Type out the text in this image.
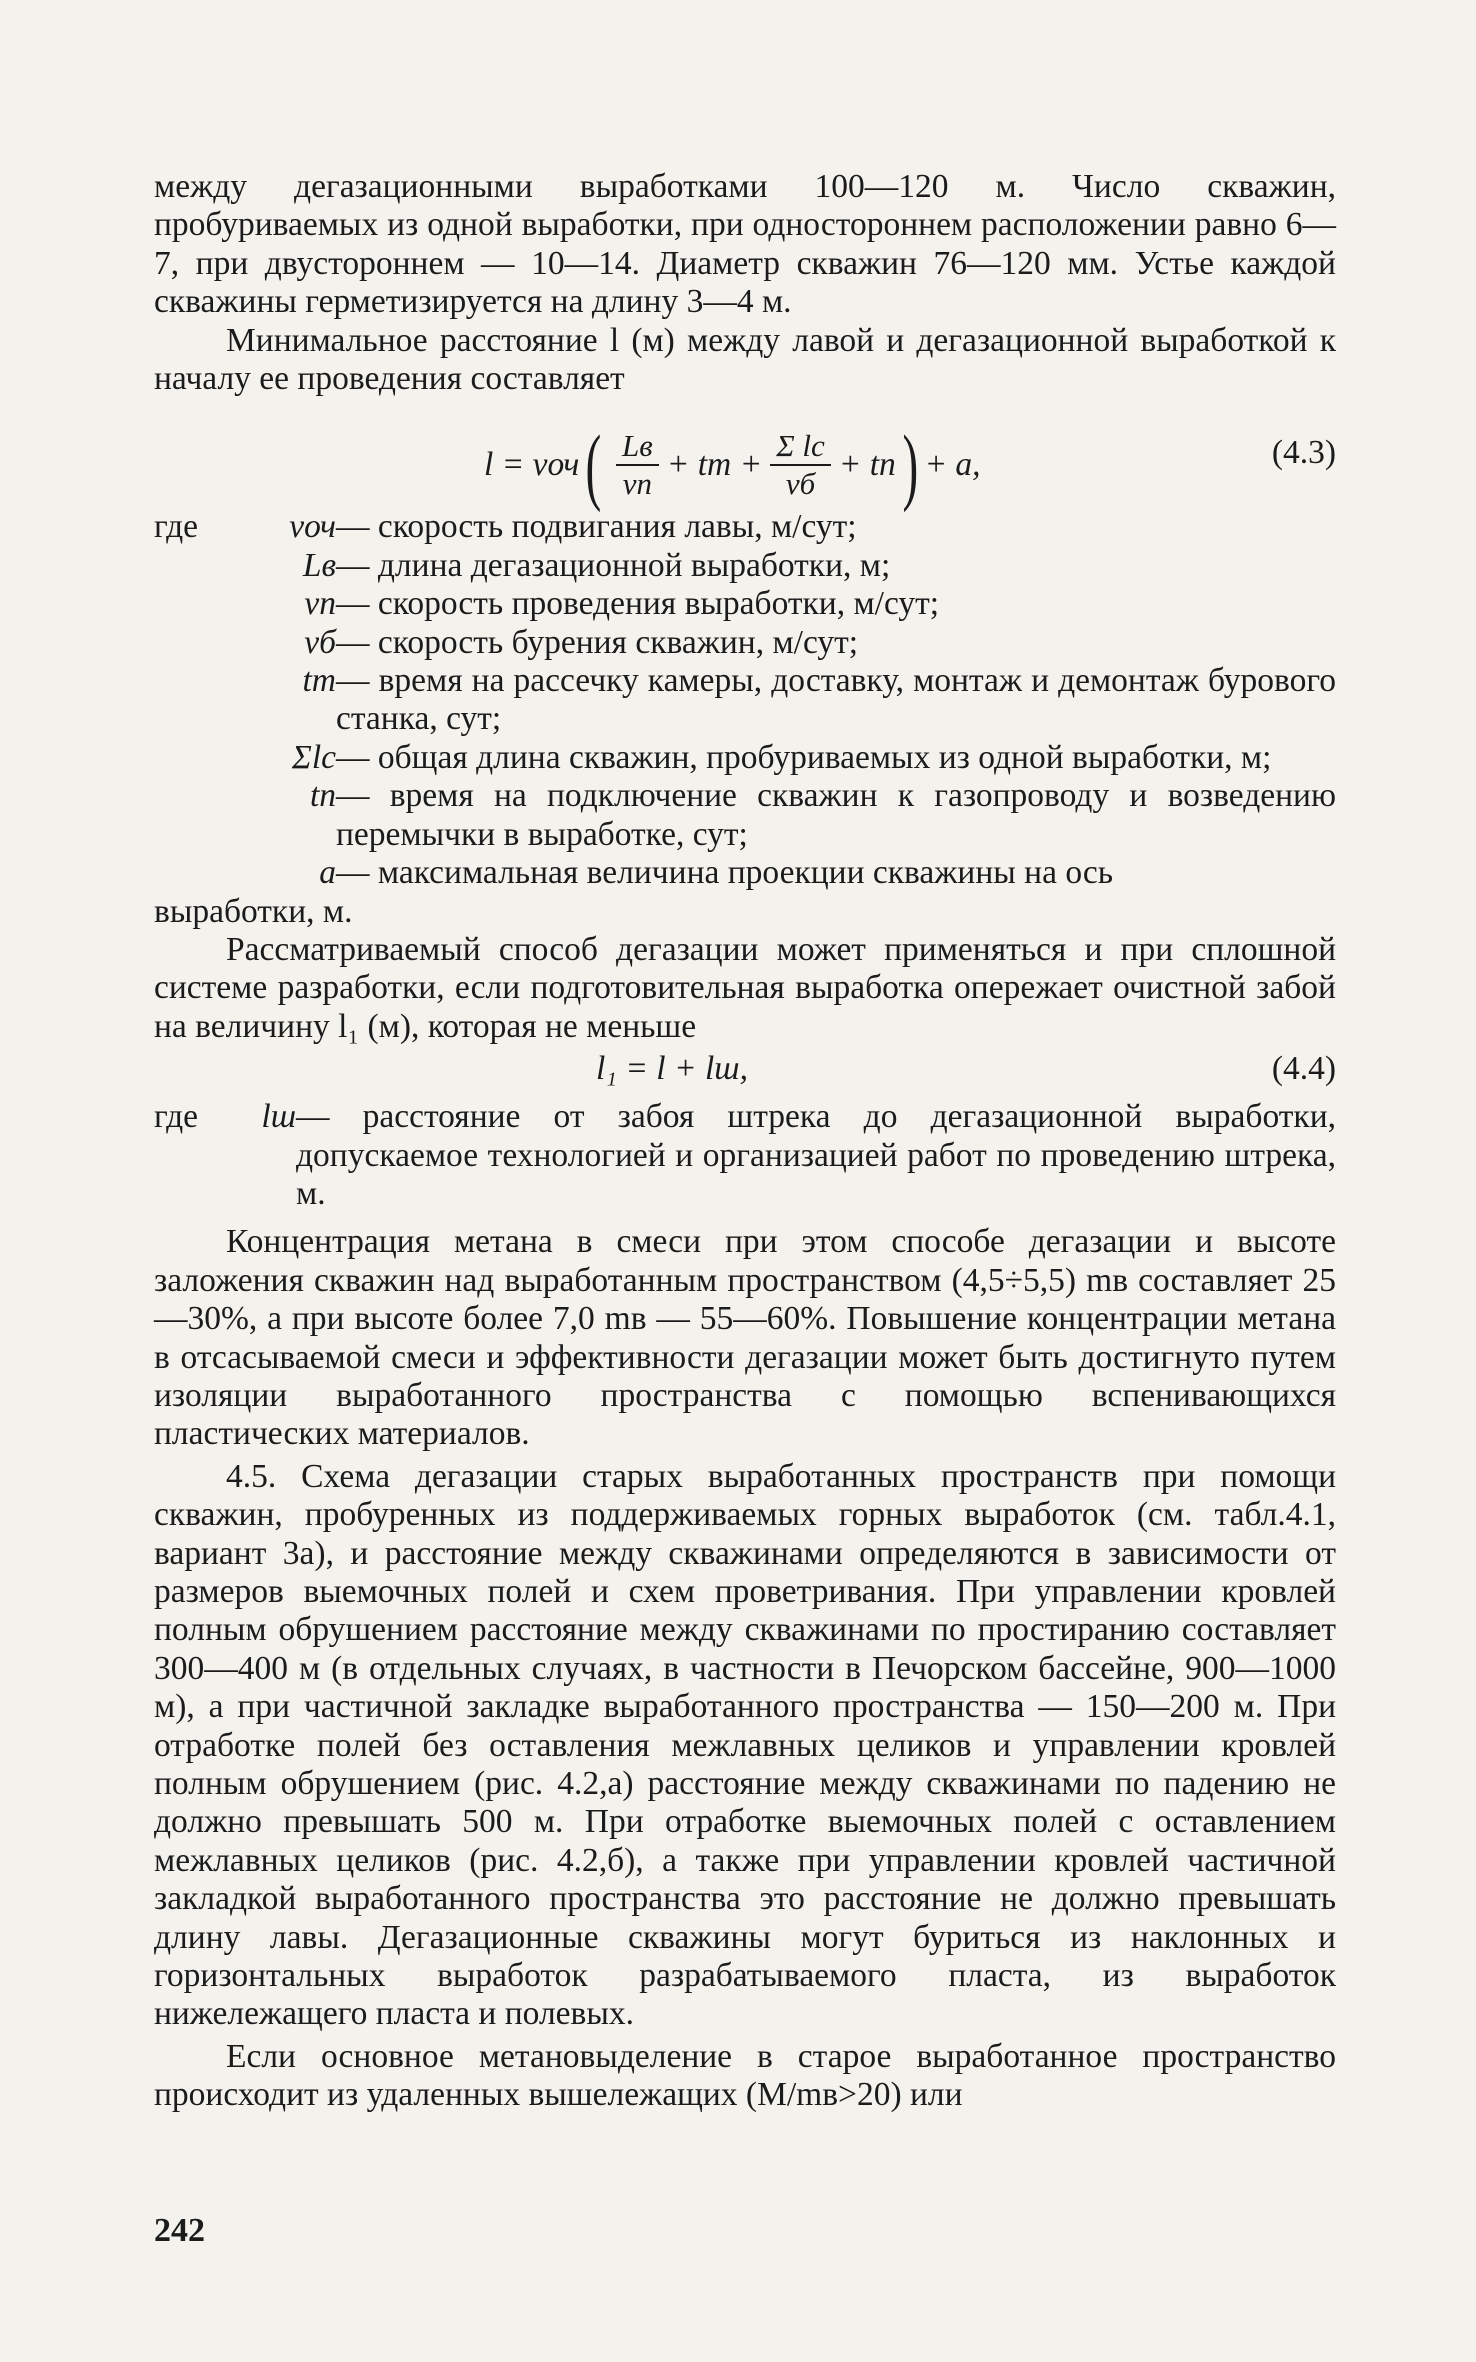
между дегазационными выработками 100—120 м. Число скважин, пробуриваемых из одной выработки, при одностороннем расположении равно 6—7, при двустороннем — 10—14. Диаметр скважин 76—120 мм. Устье каждой скважины герметизируется на длину 3—4 м.

Минимальное расстояние l (м) между лавой и дегазационной выработкой к началу ее проведения составляет

l = vоч ( $\frac{Lв}{vп}$ + tm + $\frac{\text{Σ lс}}{vб}$ + tп ) + a,	(4.3)
где	vоч — скорость подвигания лавы, м/сут;
Lв — длина дегазационной выработки, м;
vп — скорость проведения выработки, м/сут;
vб — скорость бурения скважин, м/сут;
tm — время на рассечку камеры, доставку, монтаж и демонтаж бурового станка, сут;
Σlс — общая длина скважин, пробуриваемых из одной выработки, м;
tп — время на подключение скважин к газопроводу и возведению перемычки в выработке, сут;
a — максимальная величина проекции скважины на ось

выработки, м.

Рассматриваемый способ дегазации может применяться и при сплошной системе разработки, если подготовительная выработка опережает очистной забой на величину l₁ (м), которая не меньше

l₁ = l + lш,	(4.4)
где	lш — расстояние от забоя штрека до дегазационной выработки, допускаемое технологией и организацией работ по проведению штрека, м.

Концентрация метана в смеси при этом способе дегазации и высоте заложения скважин над выработанным пространством (4,5÷5,5) mв составляет 25—30%, а при высоте более 7,0 mв — 55—60%. Повышение концентрации метана в отсасываемой смеси и эффективности дегазации может быть достигнуто путем изоляции выработанного пространства с помощью вспенивающихся пластических материалов.

4.5. Схема дегазации старых выработанных пространств при помощи скважин, пробуренных из поддерживаемых горных выработок (см. табл.4.1, вариант 3а), и расстояние между скважинами определяются в зависимости от размеров выемочных полей и схем проветривания. При управлении кровлей полным обрушением расстояние между скважинами по простиранию составляет 300—400 м (в отдельных случаях, в частности в Печорском бассейне, 900—1000 м), а при частичной закладке выработанного пространства — 150—200 м. При отработке полей без оставления межлавных целиков и управлении кровлей полным обрушением (рис. 4.2,а) расстояние между скважинами по падению не должно превышать 500 м. При отработке выемочных полей с оставлением межлавных целиков (рис. 4.2,б), а также при управлении кровлей частичной закладкой выработанного пространства это расстояние не должно превышать длину лавы. Дегазационные скважины могут буриться из наклонных и горизонтальных выработок разрабатываемого пласта, из выработок нижележащего пласта и полевых.

Если основное метановыделение в старое выработанное пространство происходит из удаленных вышележащих (M/mв>20) или

242
